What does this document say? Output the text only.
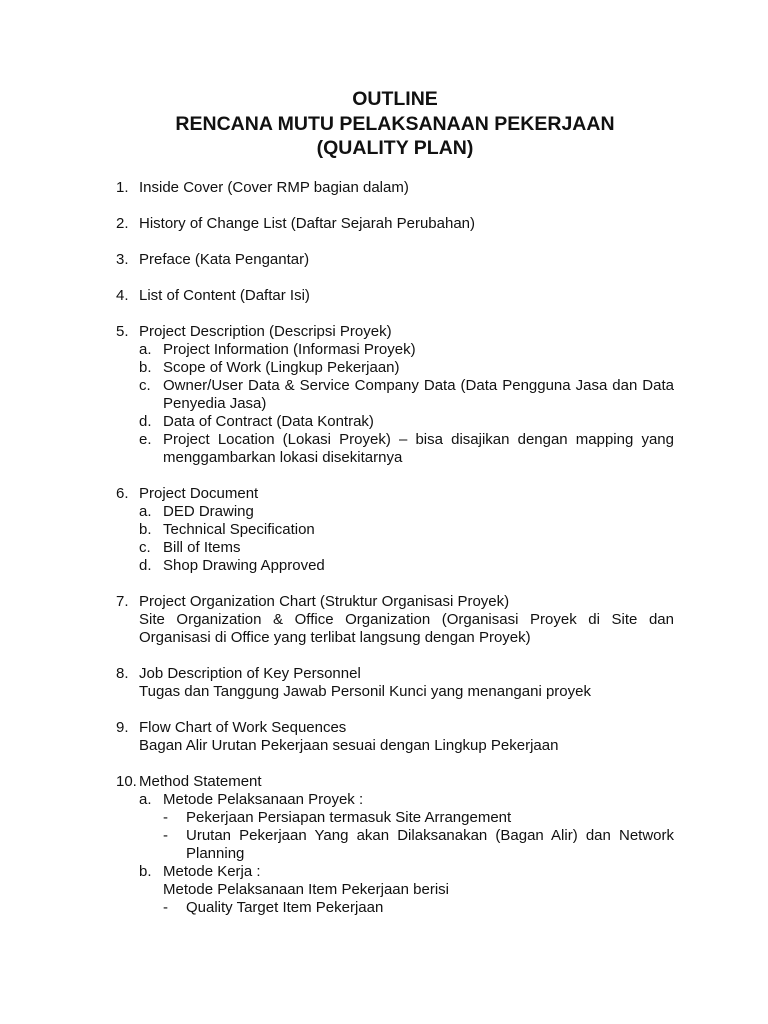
OUTLINE
RENCANA MUTU PELAKSANAAN PEKERJAAN
(QUALITY PLAN)
1. Inside Cover (Cover RMP bagian dalam)
2. History of Change List (Daftar Sejarah Perubahan)
3. Preface (Kata Pengantar)
4. List of Content (Daftar Isi)
5. Project Description (Descripsi Proyek)
a. Project Information (Informasi Proyek)
b. Scope of Work (Lingkup Pekerjaan)
c. Owner/User Data & Service Company Data (Data Pengguna Jasa dan Data Penyedia Jasa)
d. Data of Contract (Data Kontrak)
e. Project Location (Lokasi Proyek) – bisa disajikan dengan mapping yang menggambarkan lokasi disekitarnya
6. Project Document
a. DED Drawing
b. Technical Specification
c. Bill of Items
d. Shop Drawing Approved
7. Project Organization Chart (Struktur Organisasi Proyek)
Site Organization & Office Organization (Organisasi Proyek di Site dan Organisasi di Office yang terlibat langsung dengan Proyek)
8. Job Description of Key Personnel
Tugas dan Tanggung Jawab Personil Kunci yang menangani proyek
9. Flow Chart of Work Sequences
Bagan Alir Urutan Pekerjaan sesuai dengan Lingkup Pekerjaan
10. Method Statement
a. Metode Pelaksanaan Proyek :
-	Pekerjaan Persiapan termasuk Site Arrangement
-	Urutan Pekerjaan Yang akan Dilaksanakan (Bagan Alir) dan Network Planning
b. Metode Kerja :
Metode Pelaksanaan Item Pekerjaan berisi
-	Quality Target Item Pekerjaan
